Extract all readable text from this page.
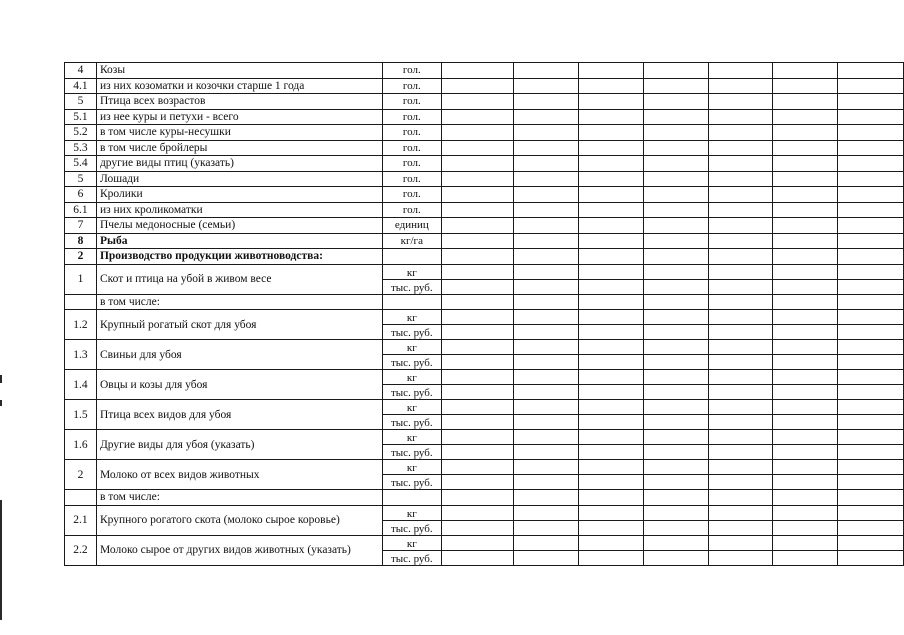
4	Козы	гол.							
4.1	из них козоматки и козочки старше 1 года	гол.							
5	Птица всех возрастов	гол.							
5.1	из нее куры и петухи - всего	гол.							
5.2	в том числе куры-несушки	гол.							
5.3	в том числе бройлеры	гол.							
5.4	другие виды птиц (указать)	гол.							
5	Лошади	гол.							
6	Кролики	гол.							
6.1	из них кроликоматки	гол.							
7	Пчелы медоносные (семьи)	единиц							
8	Рыба	кг/га							
2	Производство продукции животноводства:								
1	Скот и птица на убой в живом весе	кг							
		тыс. руб.							
	в том числе:								
1.2	Крупный рогатый скот для убоя	кг							
		тыс. руб.							
1.3	Свиньи для убоя	кг							
		тыс. руб.							
1.4	Овцы и козы для убоя	кг							
		тыс. руб.							
1.5	Птица всех видов для убоя	кг							
		тыс. руб.							
1.6	Другие виды для убоя (указать)	кг							
		тыс. руб.							
2	Молоко от всех видов животных	кг							
		тыс. руб.							
	в том числе:								
2.1	Крупного рогатого скота (молоко сырое коровье)	кг							
		тыс. руб.							
2.2	Молоко сырое от других видов животных (указать)	кг							
		тыс. руб.							
